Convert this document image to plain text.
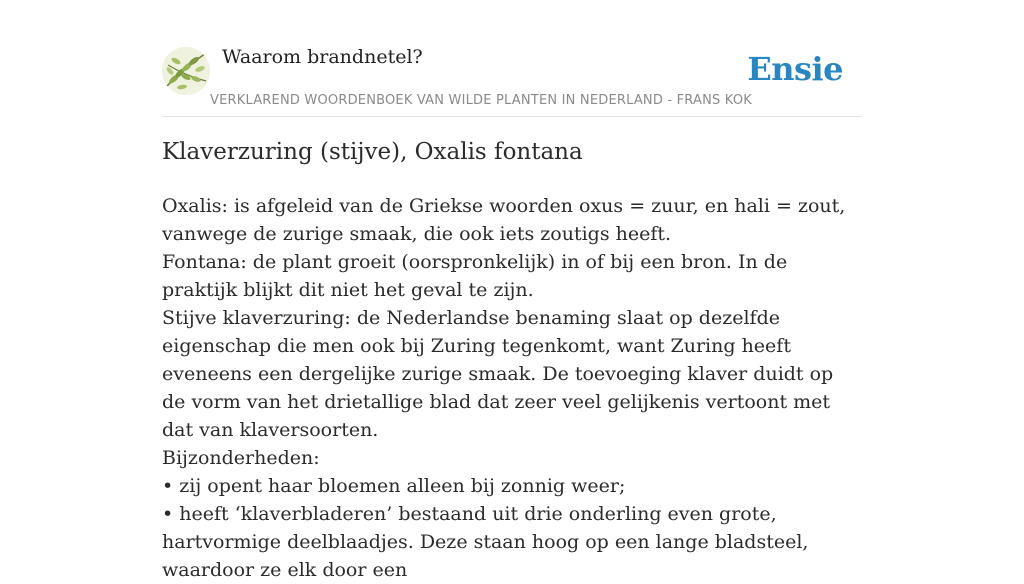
Waarom brandnetel?
VERKLAREND WOORDENBOEK VAN WILDE PLANTEN IN NEDERLAND - FRANS KOK
Ensie
Klaverzuring (stijve), Oxalis fontana

Oxalis: is afgeleid van de Griekse woorden oxus = zuur, en hali = zout, vanwege de zurige smaak, die ook iets zoutigs heeft.

Fontana: de plant groeit (oorspronkelijk) in of bij een bron. In de praktijk blijkt dit niet het geval te zijn.

Stijve klaverzuring: de Nederlandse benaming slaat op dezelfde eigenschap die men ook bij Zuring tegenkomt, want Zuring heeft eveneens een dergelijke zurige smaak. De toevoeging klaver duidt op de vorm van het drietallige blad dat zeer veel gelijkenis vertoont met dat van klaversoorten.

Bijzonderheden:

• zij opent haar bloemen alleen bij zonnig weer;

• heeft ‘klaverbladeren’ bestaand uit drie onderling even grote, hartvormige deelblaadjes. Deze staan hoog op een lange bladsteel, waardoor ze elk door een
